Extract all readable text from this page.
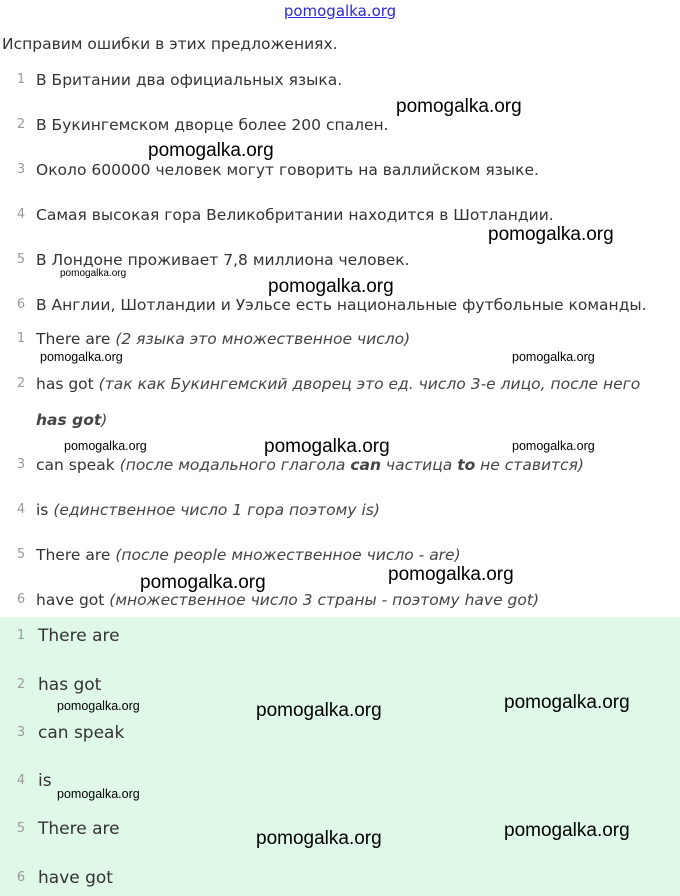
pomogalka.org
Исправим ошибки в этих предложениях.
1 В Британии два официальных языка.
2 В Букингемском дворце более 200 спален.
3 Около 600000 человек могут говорить на валлийском языке.
4 Самая высокая гора Великобритании находится в Шотландии.
5 В Лондоне проживает 7,8 миллиона человек.
6 В Англии, Шотландии и Уэльсе есть национальные футбольные команды.
1 There are (2 языка это множественное число)
2 has got (так как Букингемский дворец это ед. число 3-е лицо, после него
has got)
3 can speak (после модального глагола can частица to не ставится)
4 is (единственное число 1 гора поэтому is)
5 There are (после people множественное число - are)
6 have got (множественное число 3 страны - поэтому have got)
1 There are
2 has got
3 can speak
4 is
5 There are
6 have got
pomogalka.org
pomogalka.org
pomogalka.org
pomogalka.org
pomogalka.org
pomogalka.org	pomogalka.org
pomogalka.org	pomogalka.org	pomogalka.org
pomogalka.org
pomogalka.org
pomogalka.org
pomogalka.org	pomogalka.org
pomogalka.org
pomogalka.org
pomogalka.org
